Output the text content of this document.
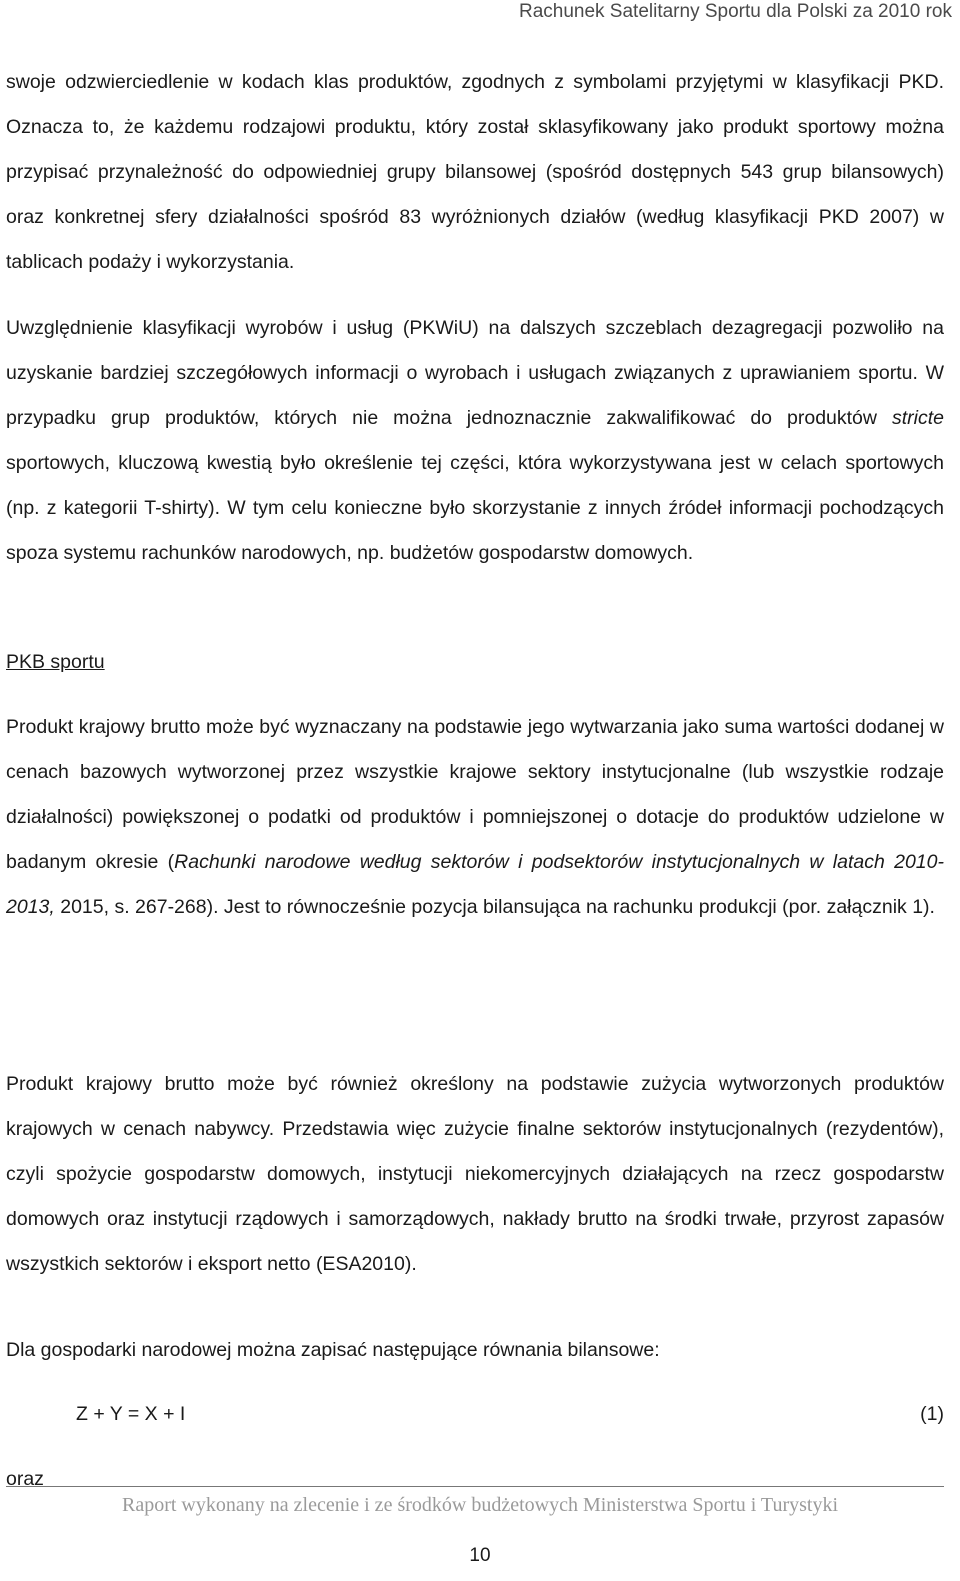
Rachunek Satelitarny Sportu dla Polski za 2010 rok

swoje odzwierciedlenie w kodach klas produktów, zgodnych z symbolami przyjętymi w klasyfikacji PKD. Oznacza to, że każdemu rodzajowi produktu, który został sklasyfikowany jako produkt sportowy można przypisać przynależność do odpowiedniej grupy bilansowej (spośród dostępnych 543 grup bilansowych) oraz konkretnej sfery działalności spośród 83 wyróżnionych działów (według klasyfikacji PKD 2007) w tablicach podaży i wykorzystania.

Uwzględnienie klasyfikacji wyrobów i usług (PKWiU) na dalszych szczeblach dezagregacji pozwoliło na uzyskanie bardziej szczegółowych informacji o wyrobach i usługach związanych z uprawianiem sportu. W przypadku grup produktów, których nie można jednoznacznie zakwalifikować do produktów stricte sportowych, kluczową kwestią było określenie tej części, która wykorzystywana jest w celach sportowych (np. z kategorii T-shirty). W tym celu konieczne było skorzystanie z innych źródeł informacji pochodzących spoza systemu rachunków narodowych, np. budżetów gospodarstw domowych.

PKB sportu

Produkt krajowy brutto może być wyznaczany na podstawie jego wytwarzania jako suma wartości dodanej w cenach bazowych wytworzonej przez wszystkie krajowe sektory instytucjonalne (lub wszystkie rodzaje działalności) powiększonej o podatki od produktów i pomniejszonej o dotacje do produktów udzielone w badanym okresie (Rachunki narodowe według sektorów i podsektorów instytucjonalnych w latach 2010-2013, 2015, s. 267-268). Jest to równocześnie pozycja bilansująca na rachunku produkcji (por. załącznik 1).

Produkt krajowy brutto może być również określony na podstawie zużycia wytworzonych produktów krajowych w cenach nabywcy. Przedstawia więc zużycie finalne sektorów instytucjonalnych (rezydentów), czyli spożycie gospodarstw domowych, instytucji niekomercyjnych działających na rzecz gospodarstw domowych oraz instytucji rządowych i samorządowych, nakłady brutto na środki trwałe, przyrost zapasów wszystkich sektorów i eksport netto (ESA2010).

Dla gospodarki narodowej można zapisać następujące równania bilansowe:

Z + Y = X + I	(1)
oraz
Raport wykonany na zlecenie i ze środków budżetowych Ministerstwa Sportu i Turystyki
10
